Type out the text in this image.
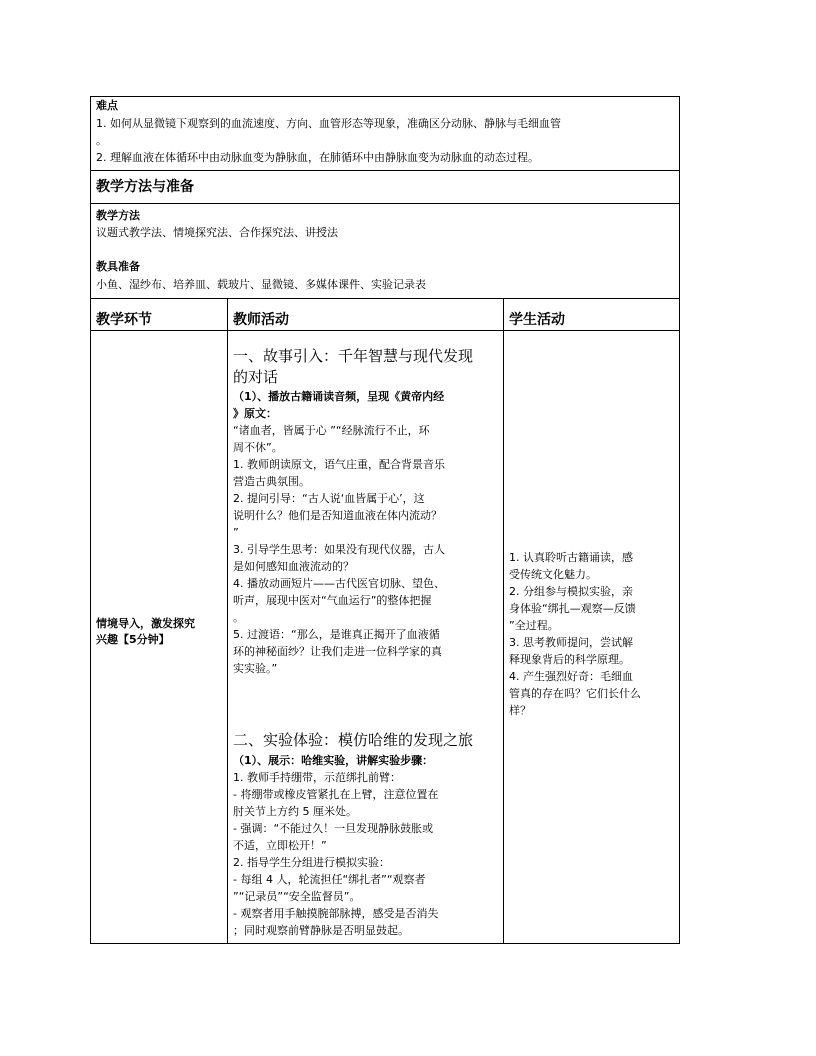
难点
1. 如何从显微镜下观察到的血流速度、方向、血管形态等现象，准确区分动脉、静脉与毛细血管
。
2. 理解血液在体循环中由动脉血变为静脉血，在肺循环中由静脉血变为动脉血的动态过程。
教学方法与准备
教学方法
议题式教学法、情境探究法、合作探究法、讲授法
教具准备
小鱼、湿纱布、培养皿、载玻片、显微镜、多媒体课件、实验记录表
教学环节	教师活动	学生活动
情境导入，激发探究
兴趣【5分钟】
一、故事引入：千年智慧与现代发现
的对话
（1）、播放古籍诵读音频，呈现《黄帝内经
》原文：
“诸血者，皆属于心 ”“经脉流行不止，环
周不休”。
1. 教师朗读原文，语气庄重，配合背景音乐
营造古典氛围。
2. 提问引导：“古人说‘血皆属于心’，这
说明什么？他们是否知道血液在体内流动？
”
3. 引导学生思考：如果没有现代仪器，古人
是如何感知血液流动的？
4. 播放动画短片——古代医官切脉、望色、
听声，展现中医对“气血运行”的整体把握
。
5. 过渡语：“那么，是谁真正揭开了血液循
环的神秘面纱？让我们走进一位科学家的真
实实验。”
二、实验体验：模仿哈维的发现之旅
（1）、展示：哈维实验，讲解实验步骤：
1. 教师手持绷带，示范绑扎前臂：
- 将绷带或橡皮管紧扎在上臂，注意位置在
肘关节上方约 5 厘米处。
- 强调：“不能过久！一旦发现静脉鼓胀或
不适，立即松开！”
2. 指导学生分组进行模拟实验：
- 每组 4 人，轮流担任“绑扎者”“观察者
”“记录员”“安全监督员”。
- 观察者用手触摸腕部脉搏，感受是否消失
；同时观察前臂静脉是否明显鼓起。
1. 认真聆听古籍诵读，感
受传统文化魅力。
2. 分组参与模拟实验，亲
身体验“绑扎—观察—反馈
”全过程。
3. 思考教师提问，尝试解
释现象背后的科学原理。
4. 产生强烈好奇：毛细血
管真的存在吗？它们长什么
样？
